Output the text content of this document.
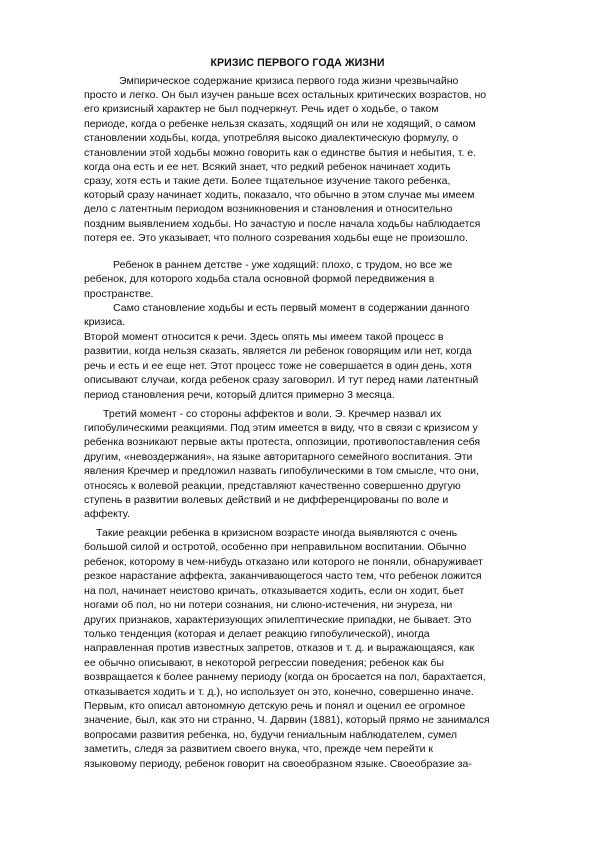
КРИЗИС ПЕРВОГО ГОДА ЖИЗНИ
Эмпирическое содержание кризиса первого года жизни чрезвычайно
просто и легко. Он был изучен раньше всех остальных критических возрастов, но
его кризисный характер не был подчеркнут. Речь идет о ходьбе, о таком
периоде, когда о ребенке нельзя сказать, ходящий он или не ходящий, о самом
становлении ходьбы, когда, употребляя высоко диалектическую формулу, о
становлении этой ходьбы можно говорить как о единстве бытия и небытия, т. е.
когда она есть и ее нет. Всякий знает, что редкий ребенок начинает ходить
сразу, хотя есть и такие дети. Более тщательное изучение такого ребенка,
который сразу начинает ходить, показало, что обычно в этом случае мы имеем
дело с латентным периодом возникновения и становления и относительно
поздним выявлением ходьбы. Но зачастую и после начала ходьбы наблюдается
потеря ее. Это указывает, что полного созревания ходьбы еще не произошло.
Ребенок в раннем детстве - уже ходящий: плохо, с трудом, но все же
ребенок, для которого ходьба стала основной формой передвижения в
пространстве.
Само становление ходьбы и есть первый момент в содержании данного
кризиса.
Второй момент относится к речи. Здесь опять мы имеем такой процесс в
развитии, когда нельзя сказать, является ли ребенок говорящим или нет, когда
речь и есть и ее еще нет. Этот процесс тоже не совершается в один день, хотя
описывают случаи, когда ребенок сразу заговорил. И тут перед нами латентный
период становления речи, который длится примерно 3 месяца.
Третий момент - со стороны аффектов и воли. Э. Кречмер назвал их
гипобулическими реакциями. Под этим имеется в виду, что в связи с кризисом у
ребенка возникают первые акты протеста, оппозиции, противопоставления себя
другим, «невоздержания», на языке авторитарного семейного воспитания. Эти
явления Кречмер и предложил назвать гипобулическими в том смысле, что они,
относясь к волевой реакции, представляют качественно совершенно другую
ступень в развитии волевых действий и не дифференцированы по воле и
аффекту.
Такие реакции ребенка в кризисном возрасте иногда выявляются с очень
большой силой и остротой, особенно при неправильном воспитании. Обычно
ребенок, которому в чем-нибудь отказано или которого не поняли, обнаруживает
резкое нарастание аффекта, заканчивающегося часто тем, что ребенок ложится
на пол, начинает неистово кричать, отказывается ходить, если он ходит, бьет
ногами об пол, но ни потери сознания, ни слюно-истечения, ни энуреза, ни
других признаков, характеризующих эпилептические припадки, не бывает. Это
только тенденция (которая и делает реакцию гипобулической), иногда
направленная против известных запретов, отказов и т. д. и выражающаяся, как
ее обычно описывают, в некоторой регрессии поведения; ребенок как бы
возвращается к более раннему периоду (когда он бросается на пол, барахтается,
отказывается ходить и т. д.), но использует он это, конечно, совершенно иначе.
Первым, кто описал автономную детскую речь и понял и оценил ее огромное
значение, был, как это ни странно, Ч. Дарвин (1881), который прямо не занимался
вопросами развития ребенка, но, будучи гениальным наблюдателем, сумел
заметить, следя за развитием своего внука, что, прежде чем перейти к
языковому периоду, ребенок говорит на своеобразном языке. Своеобразие за-
